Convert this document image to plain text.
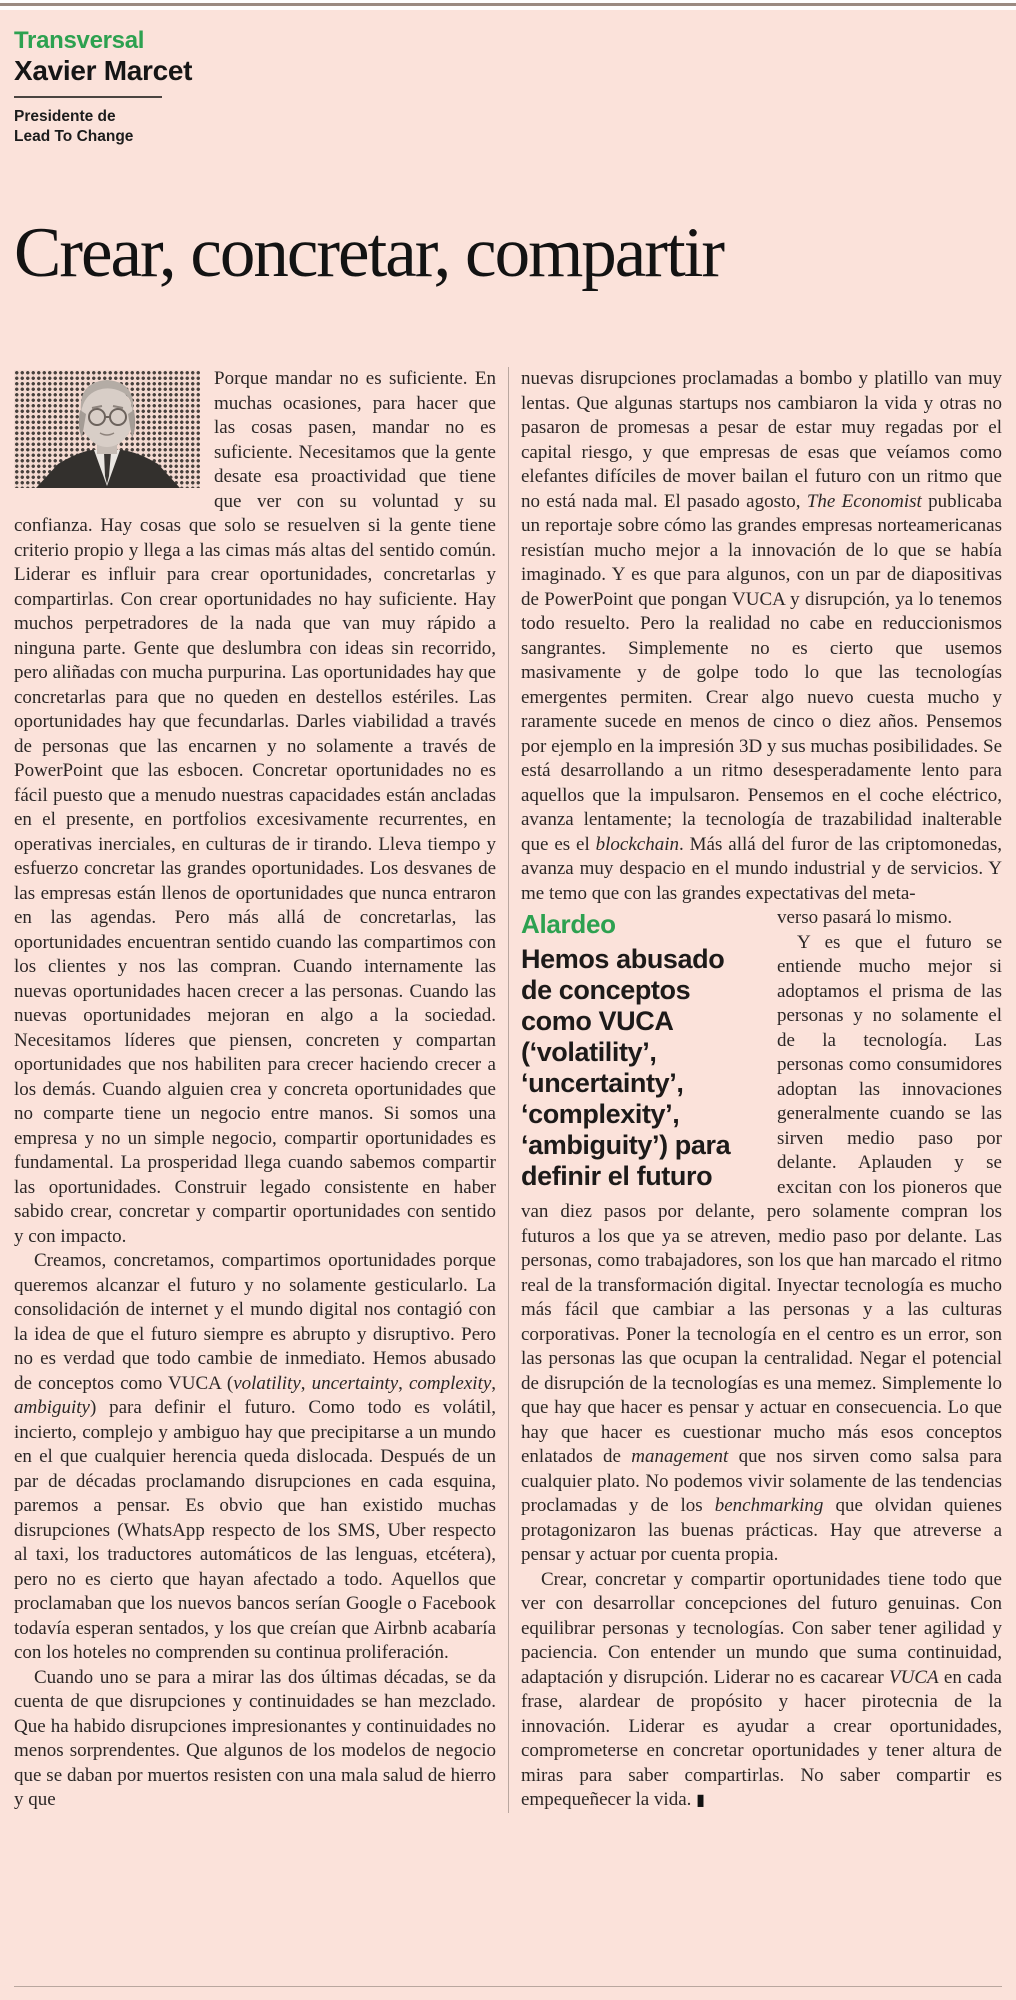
Transversal
Xavier Marcet
Presidente de
Lead To Change
Crear, concretar, compartir

Porque mandar no es suficiente. En muchas ocasiones, para hacer que las cosas pasen, mandar no es suficiente. Necesitamos que la gente desate esa proactividad que tiene que ver con su voluntad y su confianza. Hay cosas que solo se resuelven si la gente tiene criterio propio y llega a las cimas más altas del sentido común. Liderar es influir para crear oportunidades, concretarlas y compartirlas. Con crear oportunidades no hay suficiente. Hay muchos perpetradores de la nada que van muy rápido a ninguna parte. Gente que deslumbra con ideas sin recorrido, pero aliñadas con mucha purpurina. Las oportunidades hay que concretarlas para que no queden en destellos estériles. Las oportunidades hay que fecundarlas. Darles viabilidad a través de personas que las encarnen y no solamente a través de PowerPoint que las esbocen. Concretar oportunidades no es fácil puesto que a menudo nuestras capacidades están ancladas en el presente, en portfolios excesivamente recurrentes, en operativas inerciales, en culturas de ir tirando. Lleva tiempo y esfuerzo concretar las grandes oportunidades. Los desvanes de las empresas están llenos de oportunidades que nunca entraron en las agendas. Pero más allá de concretarlas, las oportunidades encuentran sentido cuando las compartimos con los clientes y nos las compran. Cuando internamente las nuevas oportunidades hacen crecer a las personas. Cuando las nuevas oportunidades mejoran en algo a la sociedad. Necesitamos líderes que piensen, concreten y compartan oportunidades que nos habiliten para crecer haciendo crecer a los demás. Cuando alguien crea y concreta oportunidades que no comparte tiene un negocio entre manos. Si somos una empresa y no un simple negocio, compartir oportunidades es fundamental. La prosperidad llega cuando sabemos compartir las oportunidades. Construir legado consistente en haber sabido crear, concretar y compartir oportunidades con sentido y con impacto.

Creamos, concretamos, compartimos oportunidades porque queremos alcanzar el futuro y no solamente gesticularlo. La consolidación de internet y el mundo digital nos contagió con la idea de que el futuro siempre es abrupto y disruptivo. Pero no es verdad que todo cambie de inmediato. Hemos abusado de conceptos como VUCA (volatility, uncertainty, complexity, ambiguity) para definir el futuro. Como todo es volátil, incierto, complejo y ambiguo hay que precipitarse a un mundo en el que cualquier herencia queda dislocada. Después de un par de décadas proclamando disrupciones en cada esquina, paremos a pensar. Es obvio que han existido muchas disrupciones (WhatsApp respecto de los SMS, Uber respecto al taxi, los traductores automáticos de las lenguas, etcétera), pero no es cierto que hayan afectado a todo. Aquellos que proclamaban que los nuevos bancos serían Google o Facebook todavía esperan sentados, y los que creían que Airbnb acabaría con los hoteles no comprenden su continua proliferación.

Cuando uno se para a mirar las dos últimas décadas, se da cuenta de que disrupciones y continuidades se han mezclado. Que ha habido disrupciones impresionantes y continuidades no menos sorprendentes. Que algunos de los modelos de negocio que se daban por muertos resisten con una mala salud de hierro y que

nuevas disrupciones proclamadas a bombo y platillo van muy lentas. Que algunas startups nos cambiaron la vida y otras no pasaron de promesas a pesar de estar muy regadas por el capital riesgo, y que empresas de esas que veíamos como elefantes difíciles de mover bailan el futuro con un ritmo que no está nada mal. El pasado agosto, The Economist publicaba un reportaje sobre cómo las grandes empresas norteamericanas resistían mucho mejor a la innovación de lo que se había imaginado. Y es que para algunos, con un par de diapositivas de PowerPoint que pongan VUCA y disrupción, ya lo tenemos todo resuelto. Pero la realidad no cabe en reduccionismos sangrantes. Simplemente no es cierto que usemos masivamente y de golpe todo lo que las tecnologías emergentes permiten. Crear algo nuevo cuesta mucho y raramente sucede en menos de cinco o diez años. Pensemos por ejemplo en la impresión 3D y sus muchas posibilidades. Se está desarrollando a un ritmo desesperadamente lento para aquellos que la impulsaron. Pensemos en el coche eléctrico, avanza lentamente; la tecnología de trazabilidad inalterable que es el blockchain. Más allá del furor de las criptomonedas, avanza muy despacio en el mundo industrial y de servicios. Y me temo que con las grandes expectativas del meta-

Alardeo
Hemos abusado de conceptos como VUCA (‘volatility’, ‘uncertainty’, ‘complexity’, ‘ambiguity’) para definir el futuro

verso pasará lo mismo.

Y es que el futuro se entiende mucho mejor si adoptamos el prisma de las personas y no solamente el de la tecnología. Las personas como consumidores adoptan las innovaciones generalmente cuando se las sirven medio paso por delante. Aplauden y se excitan con los pioneros que van diez pasos por delante, pero solamente compran los futuros a los que ya se atreven, medio paso por delante. Las personas, como trabajadores, son los que han marcado el ritmo real de la transformación digital. Inyectar tecnología es mucho más fácil que cambiar a las personas y a las culturas corporativas. Poner la tecnología en el centro es un error, son las personas las que ocupan la centralidad. Negar el potencial de disrupción de la tecnologías es una memez. Simplemente lo que hay que hacer es pensar y actuar en consecuencia. Lo que hay que hacer es cuestionar mucho más esos conceptos enlatados de management que nos sirven como salsa para cualquier plato. No podemos vivir solamente de las tendencias proclamadas y de los benchmarking que olvidan quienes protagonizaron las buenas prácticas. Hay que atreverse a pensar y actuar por cuenta propia.

Crear, concretar y compartir oportunidades tiene todo que ver con desarrollar concepciones del futuro genuinas. Con equilibrar personas y tecnologías. Con saber tener agilidad y paciencia. Con entender un mundo que suma continuidad, adaptación y disrupción. Liderar no es cacarear VUCA en cada frase, alardear de propósito y hacer pirotecnia de la innovación. Liderar es ayudar a crear oportunidades, comprometerse en concretar oportunidades y tener altura de miras para saber compartirlas. No saber compartir es empequeñecer la vida. ▮
